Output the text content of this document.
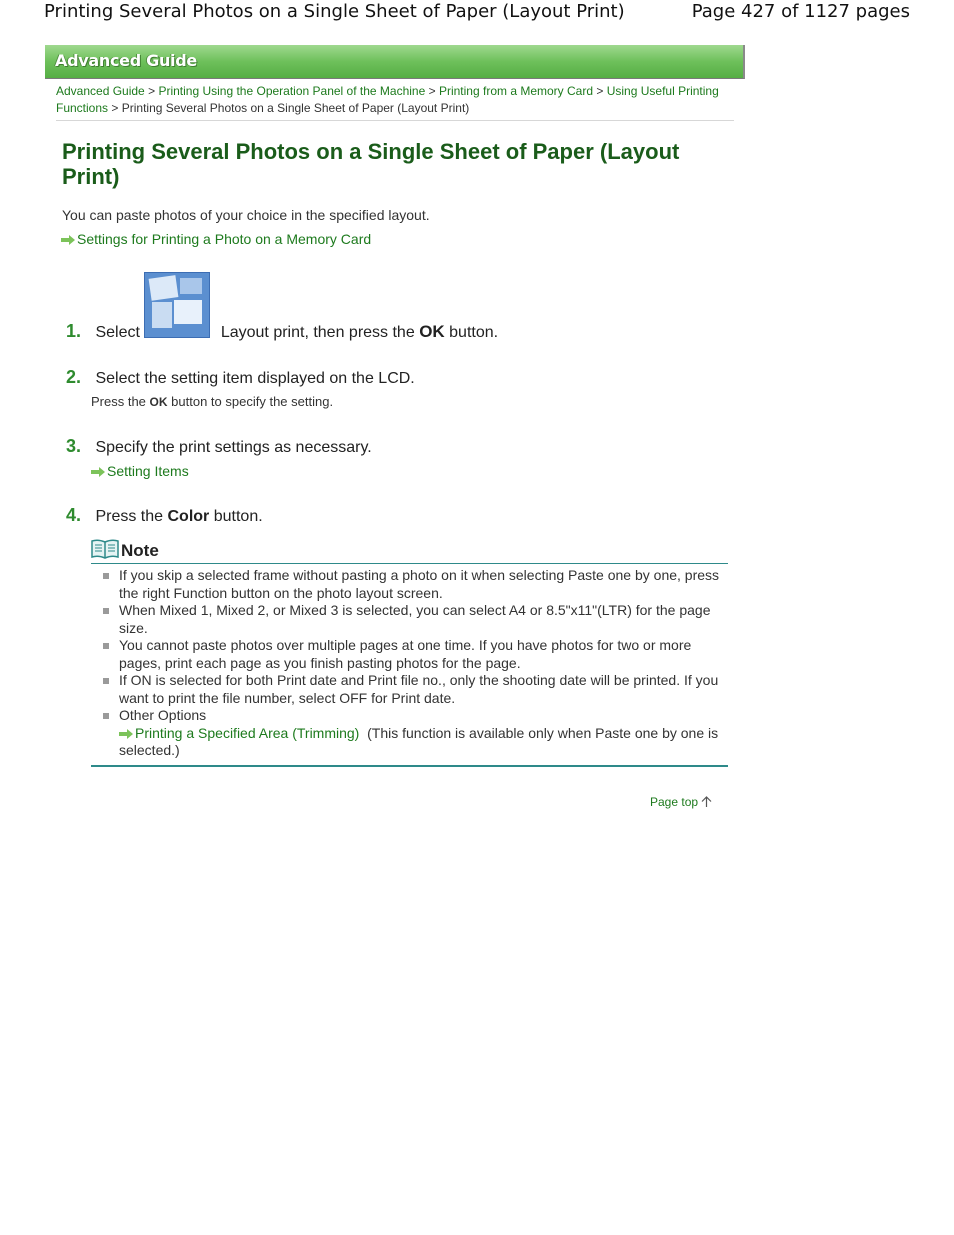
Printing Several Photos on a Single Sheet of Paper (Layout Print)	Page 427 of 1127 pages
Advanced Guide
Advanced Guide > Printing Using the Operation Panel of the Machine > Printing from a Memory Card > Using Useful Printing Functions > Printing Several Photos on a Single Sheet of Paper (Layout Print)
Printing Several Photos on a Single Sheet of Paper (Layout Print)
You can paste photos of your choice in the specified layout.
Settings for Printing a Photo on a Memory Card
1. Select	Layout print, then press the OK button.
2. Select the setting item displayed on the LCD.
Press the OK button to specify the setting.
3. Specify the print settings as necessary.
Setting Items
4. Press the Color button.
Note
If you skip a selected frame without pasting a photo on it when selecting Paste one by one, press the right Function button on the photo layout screen.
When Mixed 1, Mixed 2, or Mixed 3 is selected, you can select A4 or 8.5"x11"(LTR) for the page size.
You cannot paste photos over multiple pages at one time. If you have photos for two or more pages, print each page as you finish pasting photos for the page.
If ON is selected for both Print date and Print file no., only the shooting date will be printed. If you want to print the file number, select OFF for Print date.
Other Options
Printing a Specified Area (Trimming) (This function is available only when Paste one by one is selected.)
Page top
